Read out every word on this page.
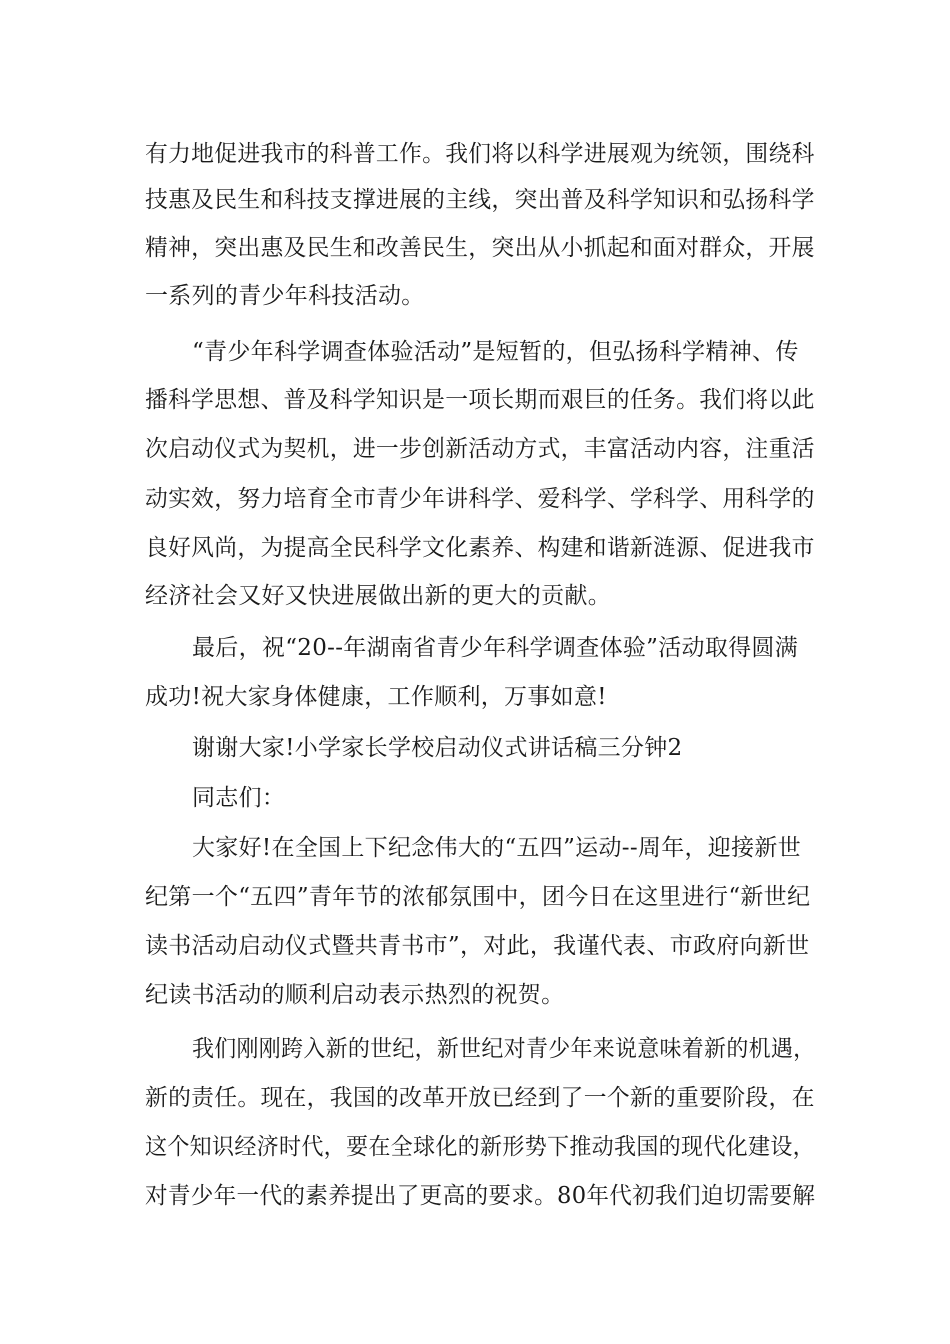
有力地促进我市的科普工作。我们将以科学进展观为统领，围绕科
技惠及民生和科技支撑进展的主线，突出普及科学知识和弘扬科学
精神，突出惠及民生和改善民生，突出从小抓起和面对群众，开展
一系列的青少年科技活动。
“青少年科学调查体验活动”是短暂的，但弘扬科学精神、传
播科学思想、普及科学知识是一项长期而艰巨的任务。我们将以此
次启动仪式为契机，进一步创新活动方式，丰富活动内容，注重活
动实效，努力培育全市青少年讲科学、爱科学、学科学、用科学的
良好风尚，为提高全民科学文化素养、构建和谐新涟源、促进我市
经济社会又好又快进展做出新的更大的贡献。
最后，祝“20--年湖南省青少年科学调查体验”活动取得圆满
成功!祝大家身体健康，工作顺利，万事如意!
谢谢大家!小学家长学校启动仪式讲话稿三分钟2
同志们：
大家好!在全国上下纪念伟大的“五四”运动--周年，迎接新世
纪第一个“五四”青年节的浓郁氛围中，团今日在这里进行“新世纪
读书活动启动仪式暨共青书市”，对此，我谨代表、市政府向新世
纪读书活动的顺利启动表示热烈的祝贺。
我们刚刚跨入新的世纪，新世纪对青少年来说意味着新的机遇，
新的责任。现在，我国的改革开放已经到了一个新的重要阶段，在
这个知识经济时代，要在全球化的新形势下推动我国的现代化建设，
对青少年一代的素养提出了更高的要求。80年代初我们迫切需要解
